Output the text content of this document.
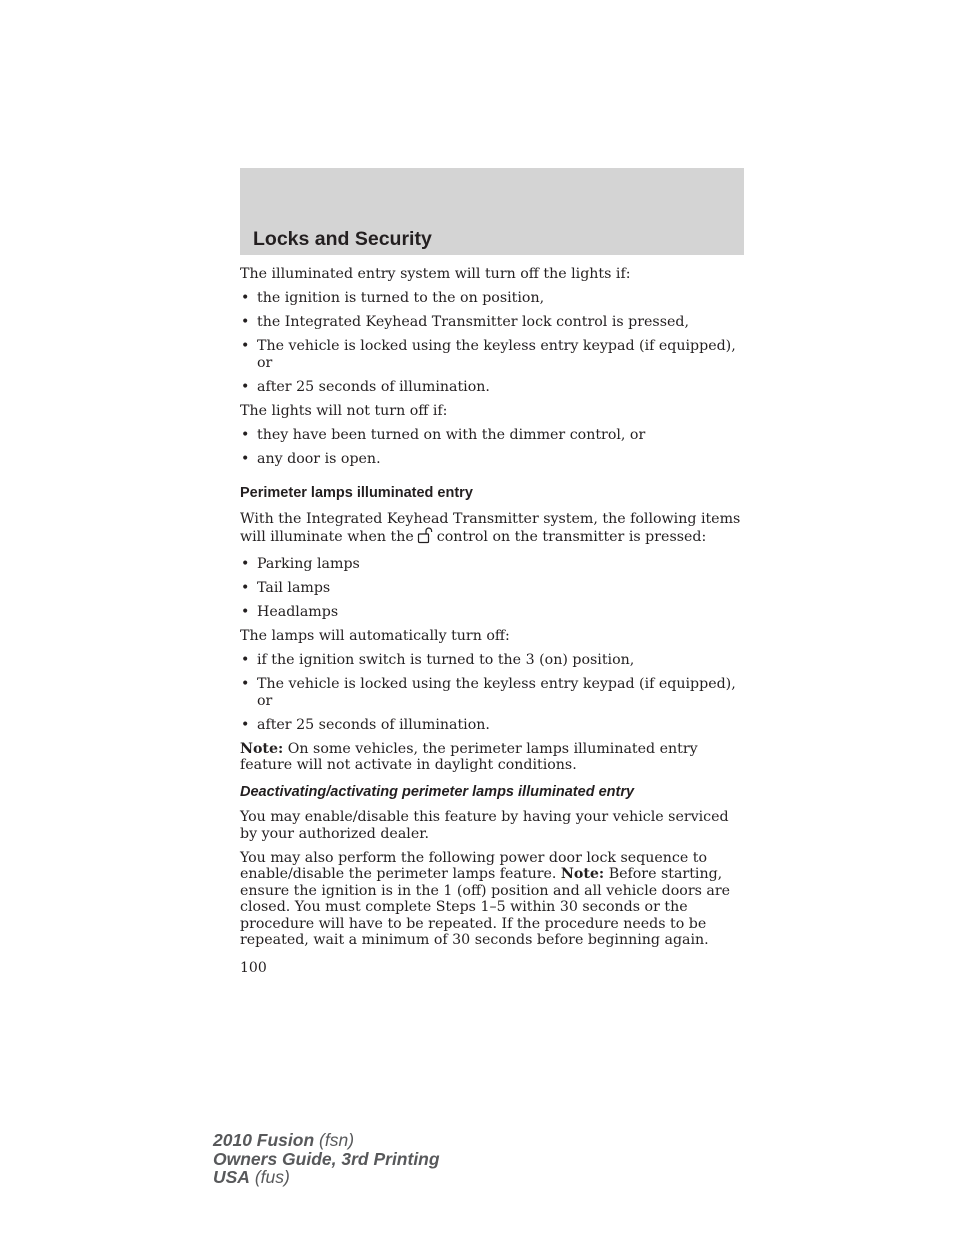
Locks and Security

The illuminated entry system will turn off the lights if:

• the ignition is turned to the on position,
• the Integrated Keyhead Transmitter lock control is pressed,
• The vehicle is locked using the keyless entry keypad (if equipped), or
• after 25 seconds of illumination.

The lights will not turn off if:

• they have been turned on with the dimmer control, or
• any door is open.
Perimeter lamps illuminated entry

With the Integrated Keyhead Transmitter system, the following items will illuminate when the control on the transmitter is pressed:

• Parking lamps
• Tail lamps
• Headlamps

The lamps will automatically turn off:

• if the ignition switch is turned to the 3 (on) position,
• The vehicle is locked using the keyless entry keypad (if equipped), or
• after 25 seconds of illumination.

Note: On some vehicles, the perimeter lamps illuminated entry feature will not activate in daylight conditions.

Deactivating/activating perimeter lamps illuminated entry

You may enable/disable this feature by having your vehicle serviced by your authorized dealer.

You may also perform the following power door lock sequence to enable/disable the perimeter lamps feature. Note: Before starting, ensure the ignition is in the 1 (off) position and all vehicle doors are closed. You must complete Steps 1–5 within 30 seconds or the procedure will have to be repeated. If the procedure needs to be repeated, wait a minimum of 30 seconds before beginning again.

100
2010 Fusion (fsn)
Owners Guide, 3rd Printing
USA (fus)
